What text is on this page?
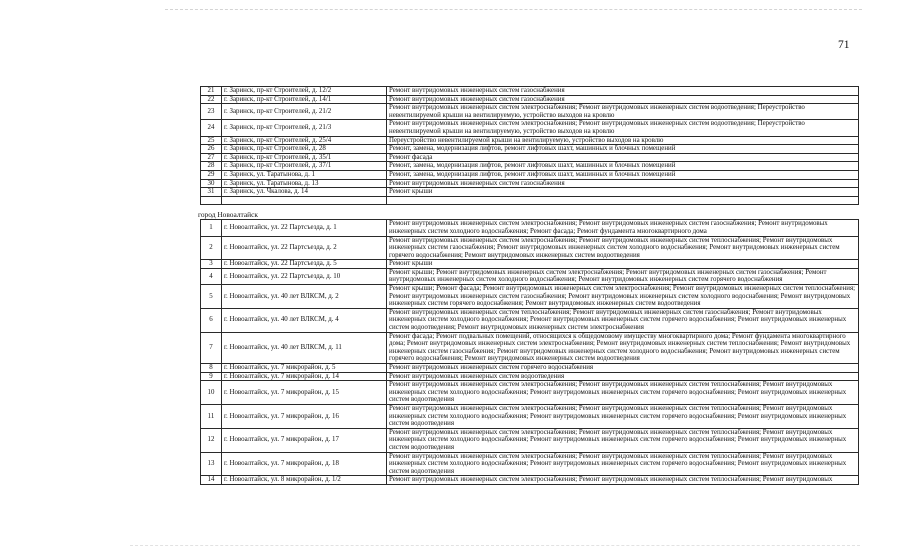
71
21	г. Заринск, пр-кт Строителей, д. 12/2	Ремонт внутридомовых инженерных систем газоснабжения
22	г. Заринск, пр-кт Строителей, д. 14/1	Ремонт внутридомовых инженерных систем газоснабжения
23	г. Заринск, пр-кт Строителей, д. 21/2	Ремонт внутридомовых инженерных систем электроснабжения; Ремонт внутридомовых инженерных систем водоотведения; Переустройство невентилируемой крыши на вентилируемую, устройство выходов на кровлю
24	г. Заринск, пр-кт Строителей, д. 21/3	Ремонт внутридомовых инженерных систем электроснабжения; Ремонт внутридомовых инженерных систем водоотведения; Переустройство невентилируемой крыши на вентилируемую, устройство выходов на кровлю
25	г. Заринск, пр-кт Строителей, д. 25/4	Переустройство невентилируемой крыши на вентилируемую, устройство выходов на кровлю
26	г. Заринск, пр-кт Строителей, д. 28	Ремонт, замена, модернизация лифтов, ремонт лифтовых шахт, машинных и блочных помещений
27	г. Заринск, пр-кт Строителей, д. 35/1	Ремонт фасада
28	г. Заринск, пр-кт Строителей, д. 37/1	Ремонт, замена, модернизация лифтов, ремонт лифтовых шахт, машинных и блочных помещений
29	г. Заринск, ул. Таратынова, д. 1	Ремонт, замена, модернизация лифтов, ремонт лифтовых шахт, машинных и блочных помещений
30	г. Заринск, ул. Таратынова, д. 13	Ремонт внутридомовых инженерных систем газоснабжения
31	г. Заринск, ул. Чкалова, д. 14	Ремонт крыши

город Новоалтайск
1	г. Новоалтайск, ул. 22 Партсъезда, д. 1	Ремонт внутридомовых инженерных систем электроснабжения; Ремонт внутридомовых инженерных систем газоснабжения; Ремонт внутридомовых инженерных систем холодного водоснабжения; Ремонт фасада; Ремонт фундамента многоквартирного дома
2	г. Новоалтайск, ул. 22 Партсъезда, д. 2	Ремонт внутридомовых инженерных систем электроснабжения; Ремонт внутридомовых инженерных систем теплоснабжения; Ремонт внутридомовых инженерных систем газоснабжения; Ремонт внутридомовых инженерных систем холодного водоснабжения; Ремонт внутридомовых инженерных систем горячего водоснабжения; Ремонт внутридомовых инженерных систем водоотведения
3	г. Новоалтайск, ул. 22 Партсъезда, д. 5	Ремонт крыши
4	г. Новоалтайск, ул. 22 Партсъезда, д. 10	Ремонт крыши; Ремонт внутридомовых инженерных систем электроснабжения; Ремонт внутридомовых инженерных систем газоснабжения; Ремонт внутридомовых инженерных систем холодного водоснабжения; Ремонт внутридомовых инженерных систем горячего водоснабжения
5	г. Новоалтайск, ул. 40 лет ВЛКСМ, д. 2	Ремонт крыши; Ремонт фасада; Ремонт внутридомовых инженерных систем электроснабжения; Ремонт внутридомовых инженерных систем теплоснабжения; Ремонт внутридомовых инженерных систем газоснабжения; Ремонт внутридомовых инженерных систем холодного водоснабжения; Ремонт внутридомовых инженерных систем горячего водоснабжения; Ремонт внутридомовых инженерных систем водоотведения
6	г. Новоалтайск, ул. 40 лет ВЛКСМ, д. 4	Ремонт внутридомовых инженерных систем теплоснабжения; Ремонт внутридомовых инженерных систем газоснабжения; Ремонт внутридомовых инженерных систем холодного водоснабжения; Ремонт внутридомовых инженерных систем горячего водоснабжения; Ремонт внутридомовых инженерных систем водоотведения; Ремонт внутридомовых инженерных систем электроснабжения
7	г. Новоалтайск, ул. 40 лет ВЛКСМ, д. 11	Ремонт фасада; Ремонт подвальных помещений, относящихся к общедомовому имуществу многоквартирного дома; Ремонт фундамента многоквартирного дома; Ремонт внутридомовых инженерных систем электроснабжения; Ремонт внутридомовых инженерных систем теплоснабжения; Ремонт внутридомовых инженерных систем газоснабжения; Ремонт внутридомовых инженерных систем холодного водоснабжения; Ремонт внутридомовых инженерных систем горячего водоснабжения; Ремонт внутридомовых инженерных систем водоотведения
8	г. Новоалтайск, ул. 7 микрорайон, д. 5	Ремонт внутридомовых инженерных систем горячего водоснабжения
9	г. Новоалтайск, ул. 7 микрорайон, д. 14	Ремонт внутридомовых инженерных систем водоотведения
10	г. Новоалтайск, ул. 7 микрорайон, д. 15	Ремонт внутридомовых инженерных систем электроснабжения; Ремонт внутридомовых инженерных систем теплоснабжения; Ремонт внутридомовых инженерных систем холодного водоснабжения; Ремонт внутридомовых инженерных систем горячего водоснабжения; Ремонт внутридомовых инженерных систем водоотведения
11	г. Новоалтайск, ул. 7 микрорайон, д. 16	Ремонт внутридомовых инженерных систем электроснабжения; Ремонт внутридомовых инженерных систем теплоснабжения; Ремонт внутридомовых инженерных систем холодного водоснабжения; Ремонт внутридомовых инженерных систем горячего водоснабжения; Ремонт внутридомовых инженерных систем водоотведения
12	г. Новоалтайск, ул. 7 микрорайон, д. 17	Ремонт внутридомовых инженерных систем электроснабжения; Ремонт внутридомовых инженерных систем теплоснабжения; Ремонт внутридомовых инженерных систем холодного водоснабжения; Ремонт внутридомовых инженерных систем горячего водоснабжения; Ремонт внутридомовых инженерных систем водоотведения
13	г. Новоалтайск, ул. 7 микрорайон, д. 18	Ремонт внутридомовых инженерных систем электроснабжения; Ремонт внутридомовых инженерных систем теплоснабжения; Ремонт внутридомовых инженерных систем холодного водоснабжения; Ремонт внутридомовых инженерных систем горячего водоснабжения; Ремонт внутридомовых инженерных систем водоотведения
14	г. Новоалтайск, ул. 8 микрорайон, д. 1/2	Ремонт внутридомовых инженерных систем электроснабжения; Ремонт внутридомовых инженерных систем теплоснабжения; Ремонт внутридомовых
